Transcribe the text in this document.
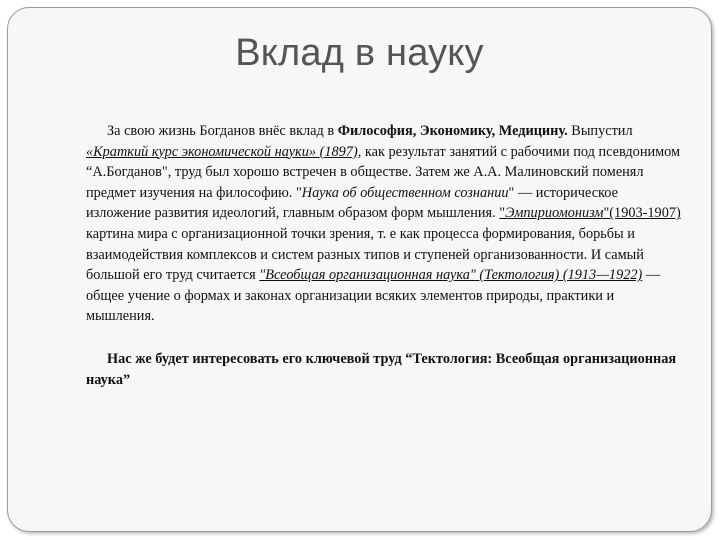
Вклад в науку

За свою жизнь Богданов внёс вклад в Философия, Экономику, Медицину. Выпустил «Краткий курс экономической науки» (1897), как результат занятий с рабочими под псевдонимом “А.Богданов", труд был хорошо встречен в обществе. Затем же А.А. Малиновский поменял предмет изучения на философию. "Наука об общественном сознании" — историческое изложение развития идеологий, главным образом форм мышления. "Эмпириомонизм"(1903-1907) картина мира с организационной точки зрения, т. е как процесса формирования, борьбы и взаимодействия комплексов и систем разных типов и ступеней организованности. И самый большой его труд считается "Всеобщая организационная наука" (Тектология) (1913—1922) — общее учение о формах и законах организации всяких элементов природы, практики и мышления.

Нас же будет интересовать его ключевой труд “Тектология: Всеобщая организационная наука”
